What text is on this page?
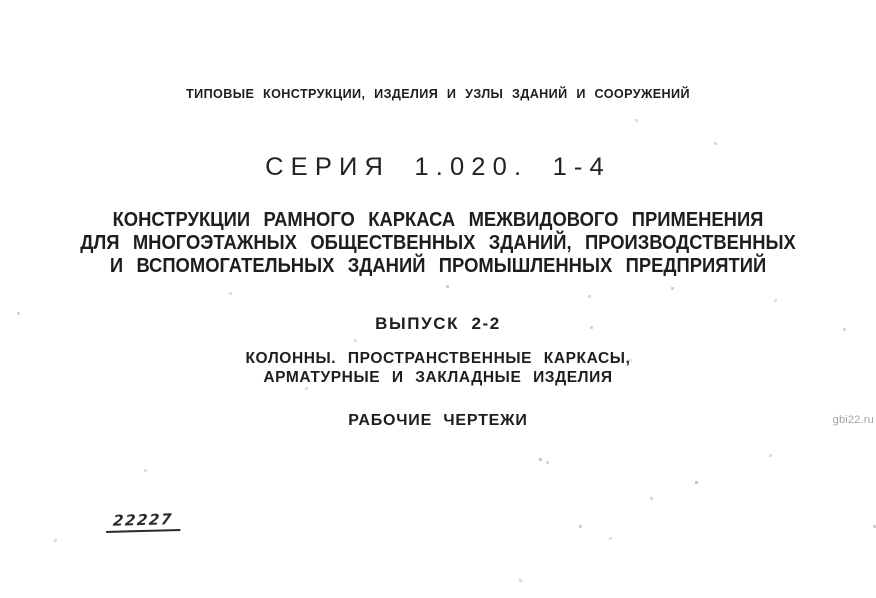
ТИПОВЫЕ КОНСТРУКЦИИ, ИЗДЕЛИЯ И УЗЛЫ ЗДАНИЙ И СООРУЖЕНИЙ
СЕРИЯ 1.020. 1-4
КОНСТРУКЦИИ РАМНОГО КАРКАСА МЕЖВИДОВОГО ПРИМЕНЕНИЯ
ДЛЯ МНОГОЭТАЖНЫХ ОБЩЕСТВЕННЫХ ЗДАНИЙ, ПРОИЗВОДСТВЕННЫХ
И ВСПОМОГАТЕЛЬНЫХ ЗДАНИЙ ПРОМЫШЛЕННЫХ ПРЕДПРИЯТИЙ
ВЫПУСК 2-2
КОЛОННЫ. ПРОСТРАНСТВЕННЫЕ КАРКАСЫ,
АРМАТУРНЫЕ И ЗАКЛАДНЫЕ ИЗДЕЛИЯ
РАБОЧИЕ ЧЕРТЕЖИ
22227
gbi22.ru
